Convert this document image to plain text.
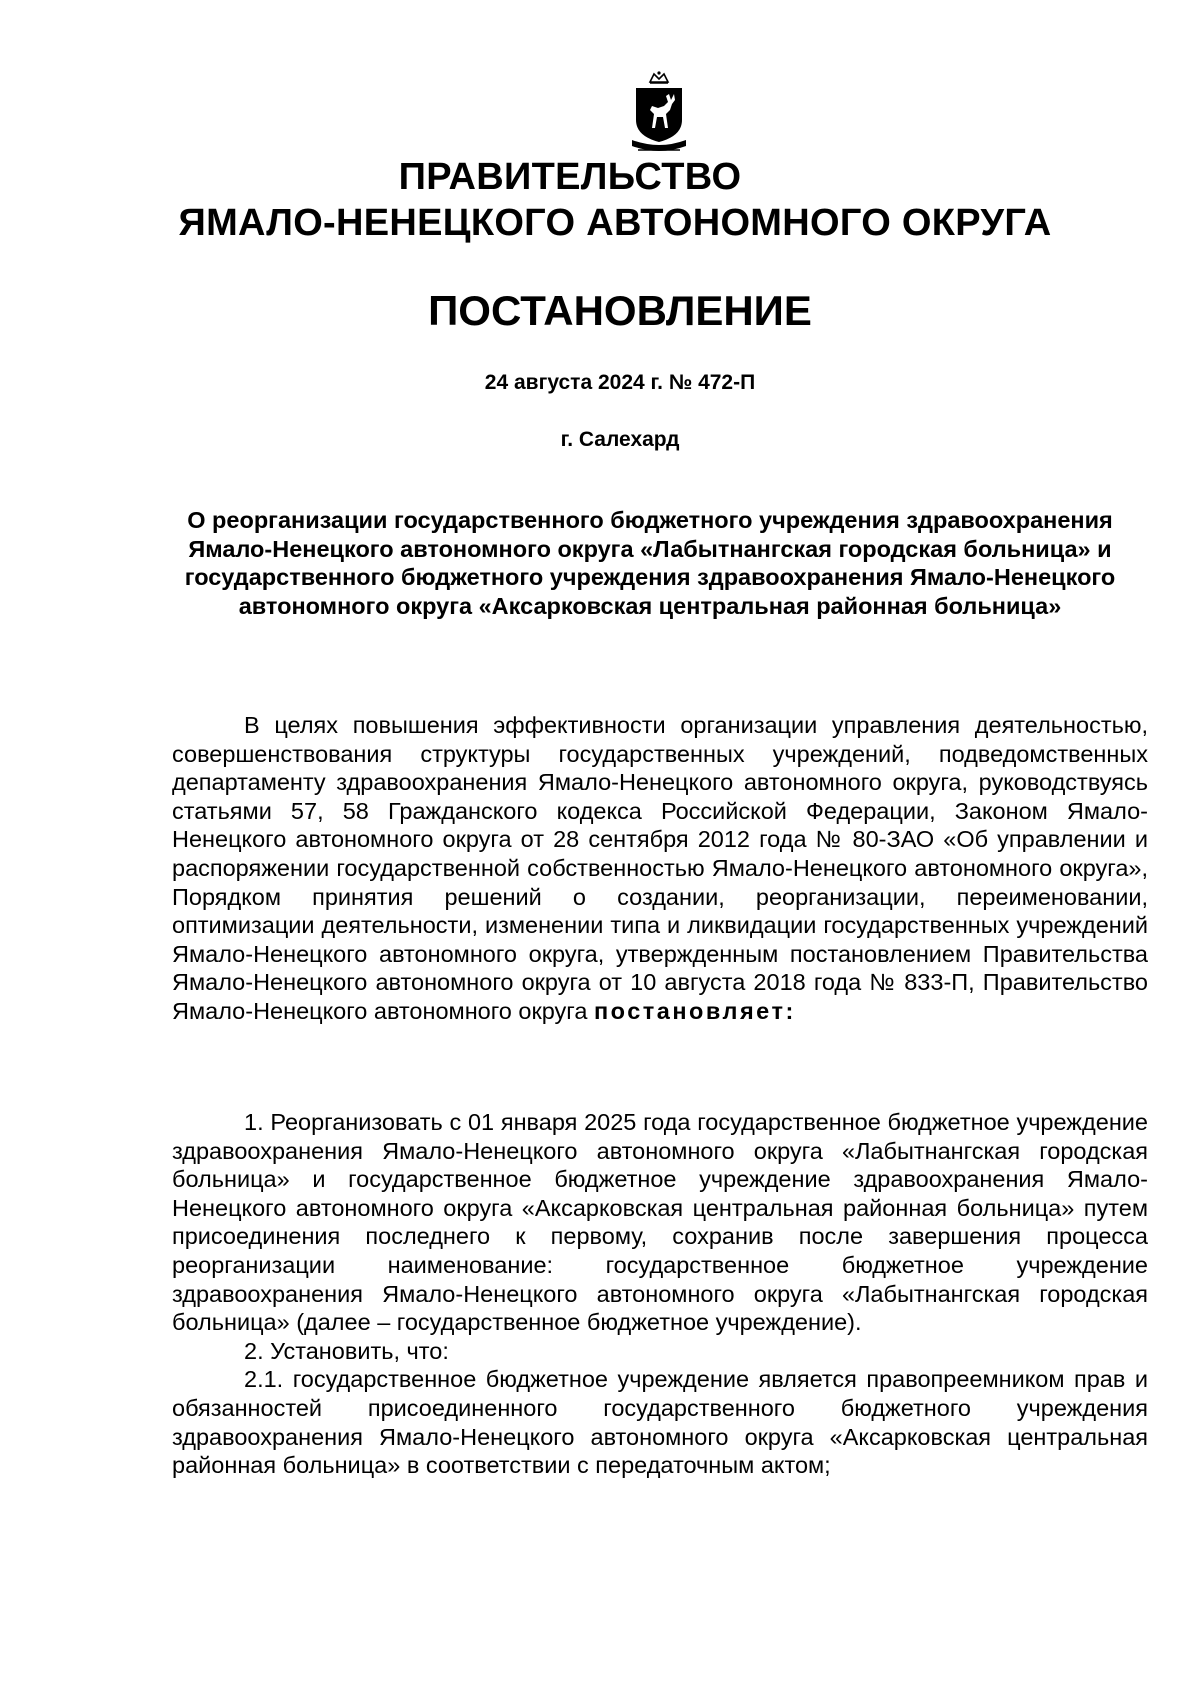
ПРАВИТЕЛЬСТВО
ЯМАЛО-НЕНЕЦКОГО АВТОНОМНОГО ОКРУГА
ПОСТАНОВЛЕНИЕ
24 августа 2024 г. № 472-П
г. Салехард
О реорганизации государственного бюджетного учреждения здравоохранения Ямало-Ненецкого автономного округа «Лабытнангская городская больница» и государственного бюджетного учреждения здравоохранения Ямало-Ненецкого автономного округа «Аксарковская центральная районная больница»

В целях повышения эффективности организации управления деятельностью, совершенствования структуры государственных учреждений, подведомственных департаменту здравоохранения Ямало-Ненецкого автономного округа, руководствуясь статьями 57, 58 Гражданского кодекса Российской Федерации, Законом Ямало-Ненецкого автономного округа от 28 сентября 2012 года № 80-ЗАО «Об управлении и распоряжении государственной собственностью Ямало-Ненецкого автономного округа», Порядком принятия решений о создании, реорганизации, переименовании, оптимизации деятельности, изменении типа и ликвидации государственных учреждений Ямало-Ненецкого автономного округа, утвержденным постановлением Правительства Ямало-Ненецкого автономного округа от 10 августа 2018 года № 833-П, Правительство Ямало-Ненецкого автономного округа постановляет:

1. Реорганизовать с 01 января 2025 года государственное бюджетное учреждение здравоохранения Ямало-Ненецкого автономного округа «Лабытнангская городская больница» и государственное бюджетное учреждение здравоохранения Ямало-Ненецкого автономного округа «Аксарковская центральная районная больница» путем присоединения последнего к первому, сохранив после завершения процесса реорганизации наименование: государственное бюджетное учреждение здравоохранения Ямало-Ненецкого автономного округа «Лабытнангская городская больница» (далее – государственное бюджетное учреждение).

2. Установить, что:

2.1. государственное бюджетное учреждение является правопреемником прав и обязанностей присоединенного государственного бюджетного учреждения здравоохранения Ямало-Ненецкого автономного округа «Аксарковская центральная районная больница» в соответствии с передаточным актом;
